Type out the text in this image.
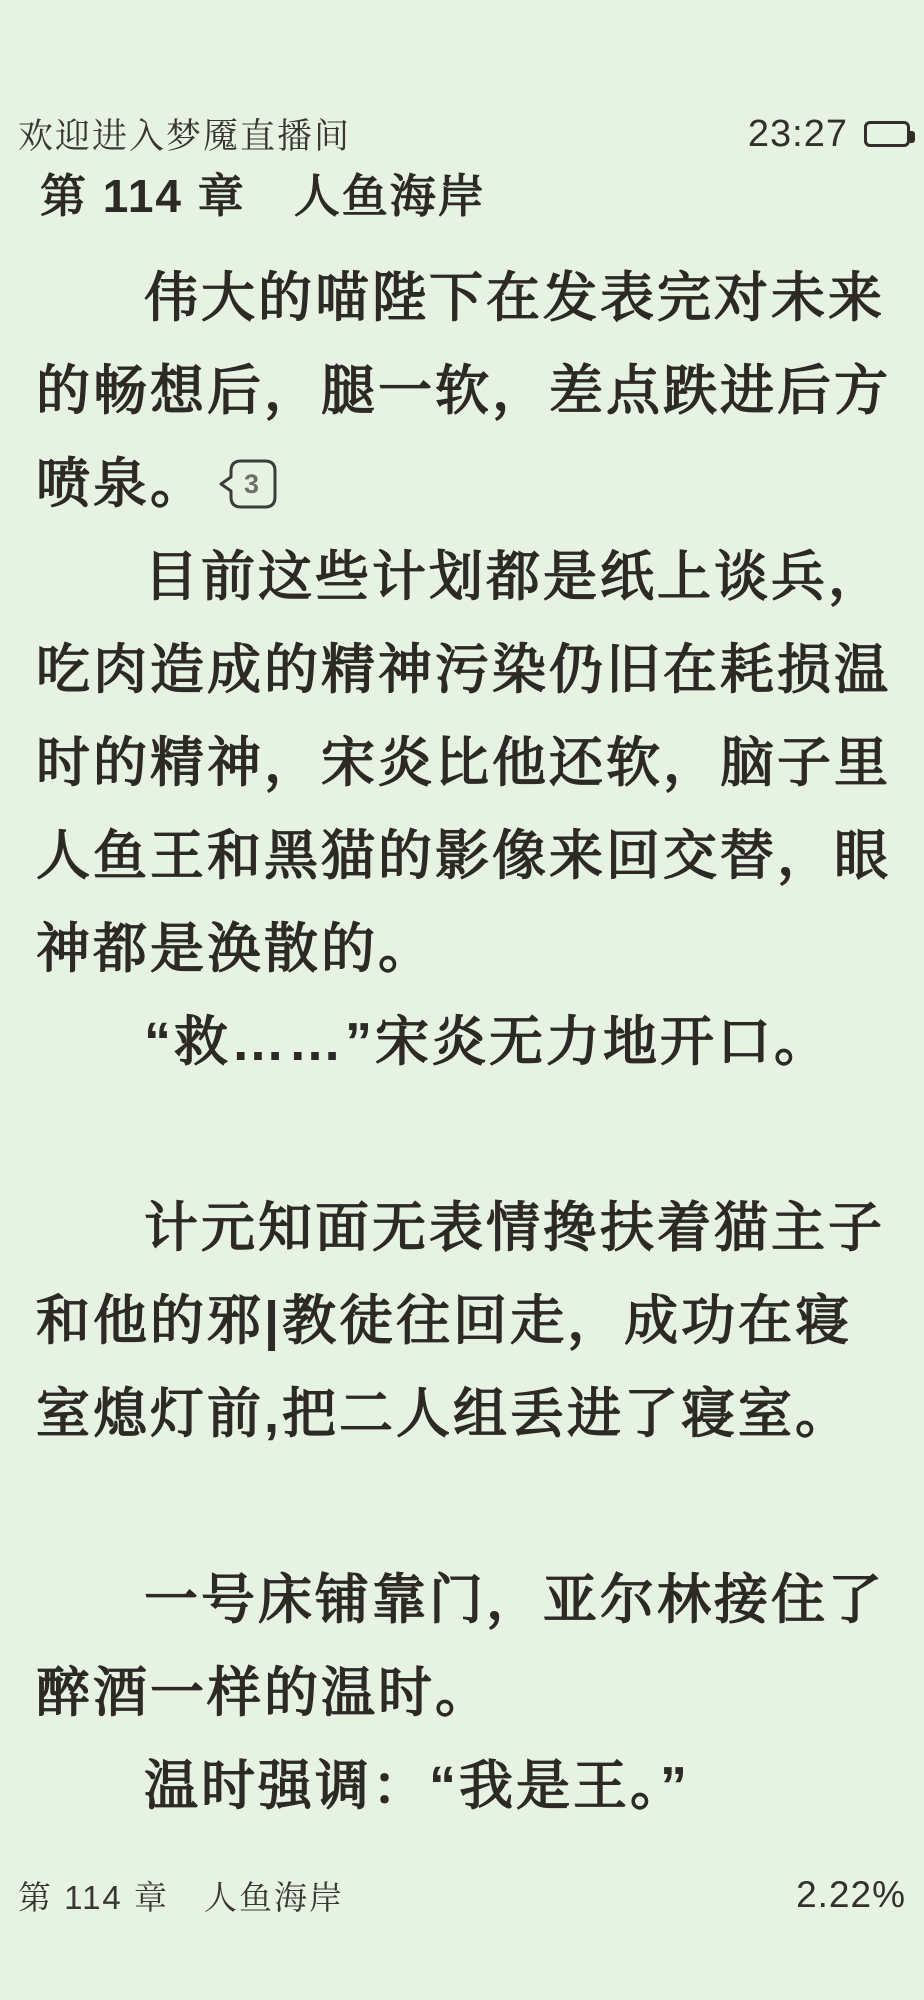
欢迎进入梦魇直播间	23:27
第 114 章　人鱼海岸
伟大的喵陛下在发表完对未来
的畅想后，腿一软，差点跌进后方
喷泉。 3
目前这些计划都是纸上谈兵，
吃肉造成的精神污染仍旧在耗损温
时的精神，宋炎比他还软，脑子里
人鱼王和黑猫的影像来回交替，眼
神都是涣散的。
“救……”宋炎无力地开口。
计元知面无表情搀扶着猫主子
和他的邪|教徒往回走，成功在寝
室熄灯前,把二人组丢进了寝室。
一号床铺靠门，亚尔林接住了
醉酒一样的温时。
温时强调：“我是王。”
第 114 章　人鱼海岸	2.22%
